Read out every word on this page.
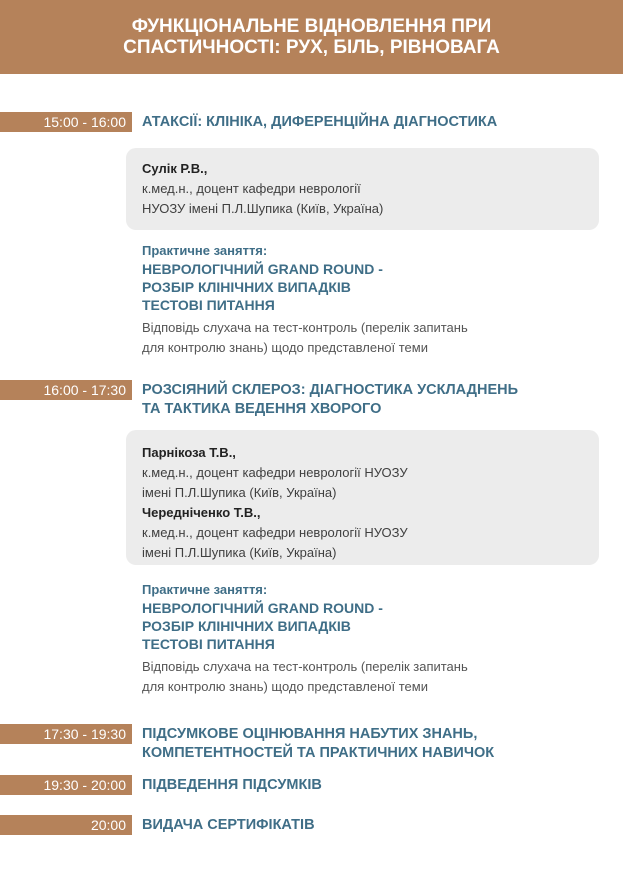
ФУНКЦІОНАЛЬНЕ ВІДНОВЛЕННЯ ПРИ
СПАСТИЧНОСТІ: РУХ, БІЛЬ, РІВНОВАГА
15:00 - 16:00	АТАКСІЇ: КЛІНІКА, ДИФЕРЕНЦІЙНА ДІАГНОСТИКА
Сулік Р.В.,
к.мед.н., доцент кафедри неврології
НУОЗУ імені П.Л.Шупика (Київ, Україна)
Практичне заняття:
НЕВРОЛОГІЧНИЙ GRAND ROUND -
РОЗБІР КЛІНІЧНИХ ВИПАДКІВ
ТЕСТОВІ ПИТАННЯ
Відповідь слухача на тест-контроль (перелік запитань
для контролю знань) щодо представленої теми
16:00 - 17:30	РОЗСІЯНИЙ СКЛЕРОЗ: ДІАГНОСТИКА УСКЛАДНЕНЬ
ТА ТАКТИКА ВЕДЕННЯ ХВОРОГО
Парнікоза Т.В.,
к.мед.н., доцент кафедри неврології НУОЗУ
імені П.Л.Шупика (Київ, Україна)
Чередніченко Т.В.,
к.мед.н., доцент кафедри неврології НУОЗУ
імені П.Л.Шупика (Київ, Україна)
Практичне заняття:
НЕВРОЛОГІЧНИЙ GRAND ROUND -
РОЗБІР КЛІНІЧНИХ ВИПАДКІВ
ТЕСТОВІ ПИТАННЯ
Відповідь слухача на тест-контроль (перелік запитань
для контролю знань) щодо представленої теми
17:30 - 19:30	ПІДСУМКОВЕ ОЦІНЮВАННЯ НАБУТИХ ЗНАНЬ,
КОМПЕТЕНТНОСТЕЙ ТА ПРАКТИЧНИХ НАВИЧОК
19:30 - 20:00	ПІДВЕДЕННЯ ПІДСУМКІВ
20:00	ВИДАЧА СЕРТИФІКАТІВ
